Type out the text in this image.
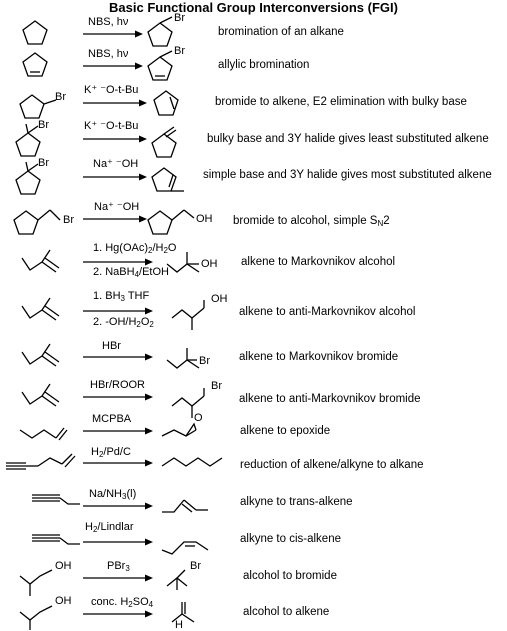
Basic Functional Group Interconversions (FGI)
NBS, hν	Br
bromination of an alkane
NBS, hν	Br
allylic bromination
Br
K⁺ ⁻O-t-Bu
bromide to alkene, E2 elimination with bulky base
Br	K⁺ ⁻O-t-Bu
bulky base and 3Y halide gives least substituted alkene
Br	Na⁺ ⁻OH
simple base and 3Y halide gives most substituted alkene
Br
Na⁺ ⁻OH
OH bromide to alcohol, simple $S_N2$
1. $Hg(OAc)_2/H_2O$
2. NaBH$_4$/EtOH
OH alkene to Markovnikov alcohol
1. $BH_3$ THF
2. $-OH/H_2O_2$
OH
alkene to anti-Markovnikov alcohol
HBr
Br	alkene to Markovnikov bromide
HBr/ROOR	Br
alkene to anti-Markovnikov bromide
MCPBA	O
alkene to epoxide
$H_2/Pd/C$
reduction of alkene/alkyne to alkane
$Na/NH_3(l)$
alkyne to trans-alkene
$H_2$/Lindlar
alkyne to cis-alkene
OH	PBr$_3$	Br
alcohol to bromide
OH conc. $H_2SO_4$
H
alcohol to alkene
